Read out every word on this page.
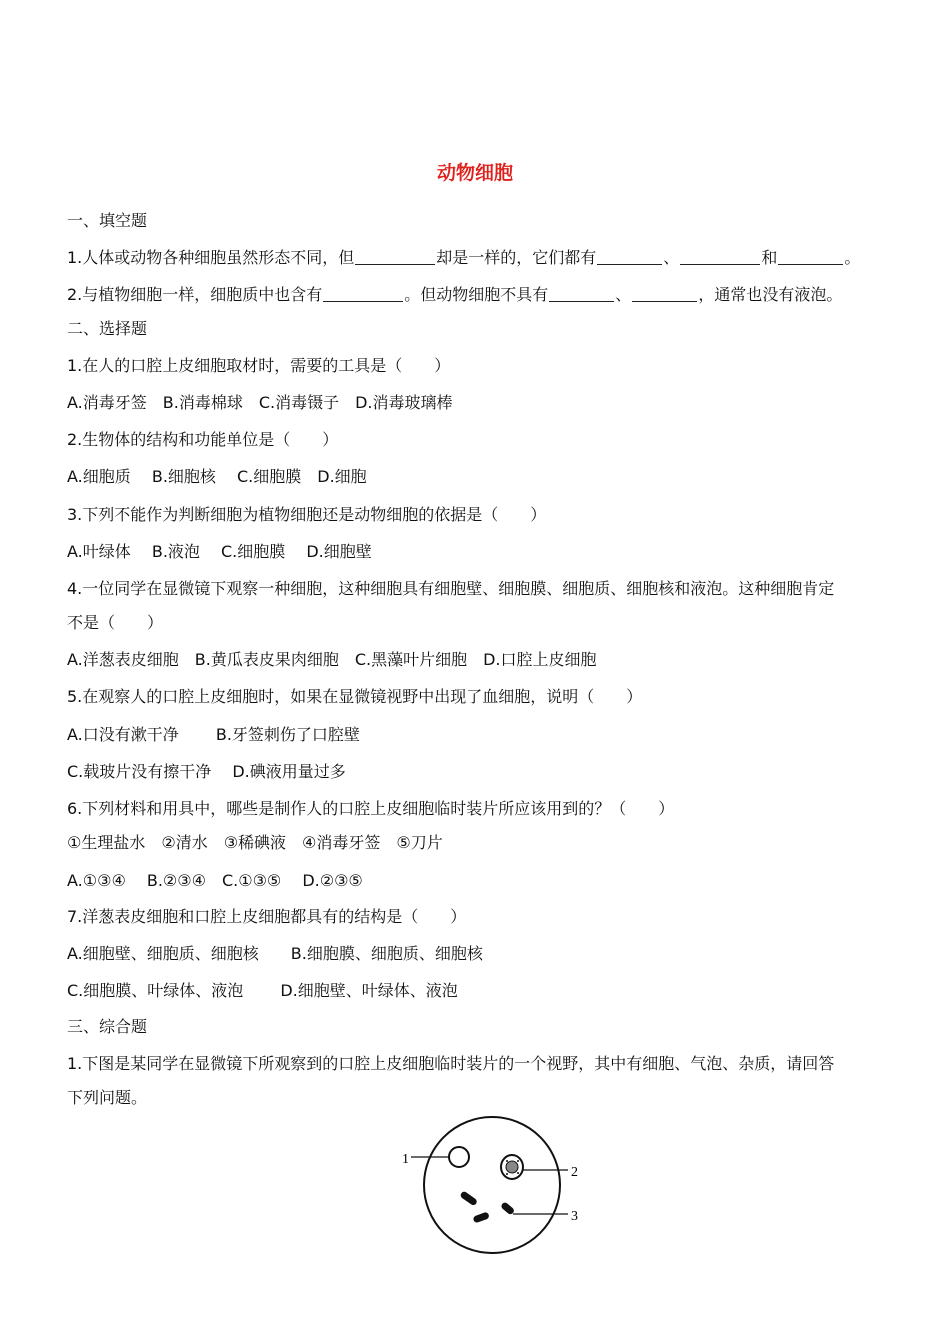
动物细胞
一、填空题
1.人体或动物各种细胞虽然形态不同，但	却是一样的，它们都有	、	和	。
2.与植物细胞一样，细胞质中也含有	。但动物细胞不具有	、	，通常也没有液泡。
二、选择题
1.在人的口腔上皮细胞取材时，需要的工具是（　　）
A.消毒牙签　B.消毒棉球　C.消毒镊子　D.消毒玻璃棒
2.生物体的结构和功能单位是（　　）
A.细胞质　 B.细胞核　 C.细胞膜　D.细胞
3.下列不能作为判断细胞为植物细胞还是动物细胞的依据是（　　）
A.叶绿体　 B.液泡　 C.细胞膜　 D.细胞壁
4.一位同学在显微镜下观察一种细胞，这种细胞具有细胞壁、细胞膜、细胞质、细胞核和液泡。这种细胞肯定
不是（　　）
A.洋葱表皮细胞　B.黄瓜表皮果肉细胞　C.黑藻叶片细胞　D.口腔上皮细胞
5.在观察人的口腔上皮细胞时，如果在显微镜视野中出现了血细胞，说明（　　）
A.口没有漱干净　　 B.牙签刺伤了口腔壁
C.载玻片没有擦干净　 D.碘液用量过多
6.下列材料和用具中，哪些是制作人的口腔上皮细胞临时装片所应该用到的？（　　）
①生理盐水　②清水　③稀碘液　④消毒牙签　⑤刀片
A.①③④　 B.②③④　C.①③⑤　 D.②③⑤
7.洋葱表皮细胞和口腔上皮细胞都具有的结构是（　　）
A.细胞壁、细胞质、细胞核　　B.细胞膜、细胞质、细胞核
C.细胞膜、叶绿体、液泡　　 D.细胞壁、叶绿体、液泡
三、综合题
1.下图是某同学在显微镜下所观察到的口腔上皮细胞临时装片的一个视野，其中有细胞、气泡、杂质，请回答
下列问题。
1
2
3
